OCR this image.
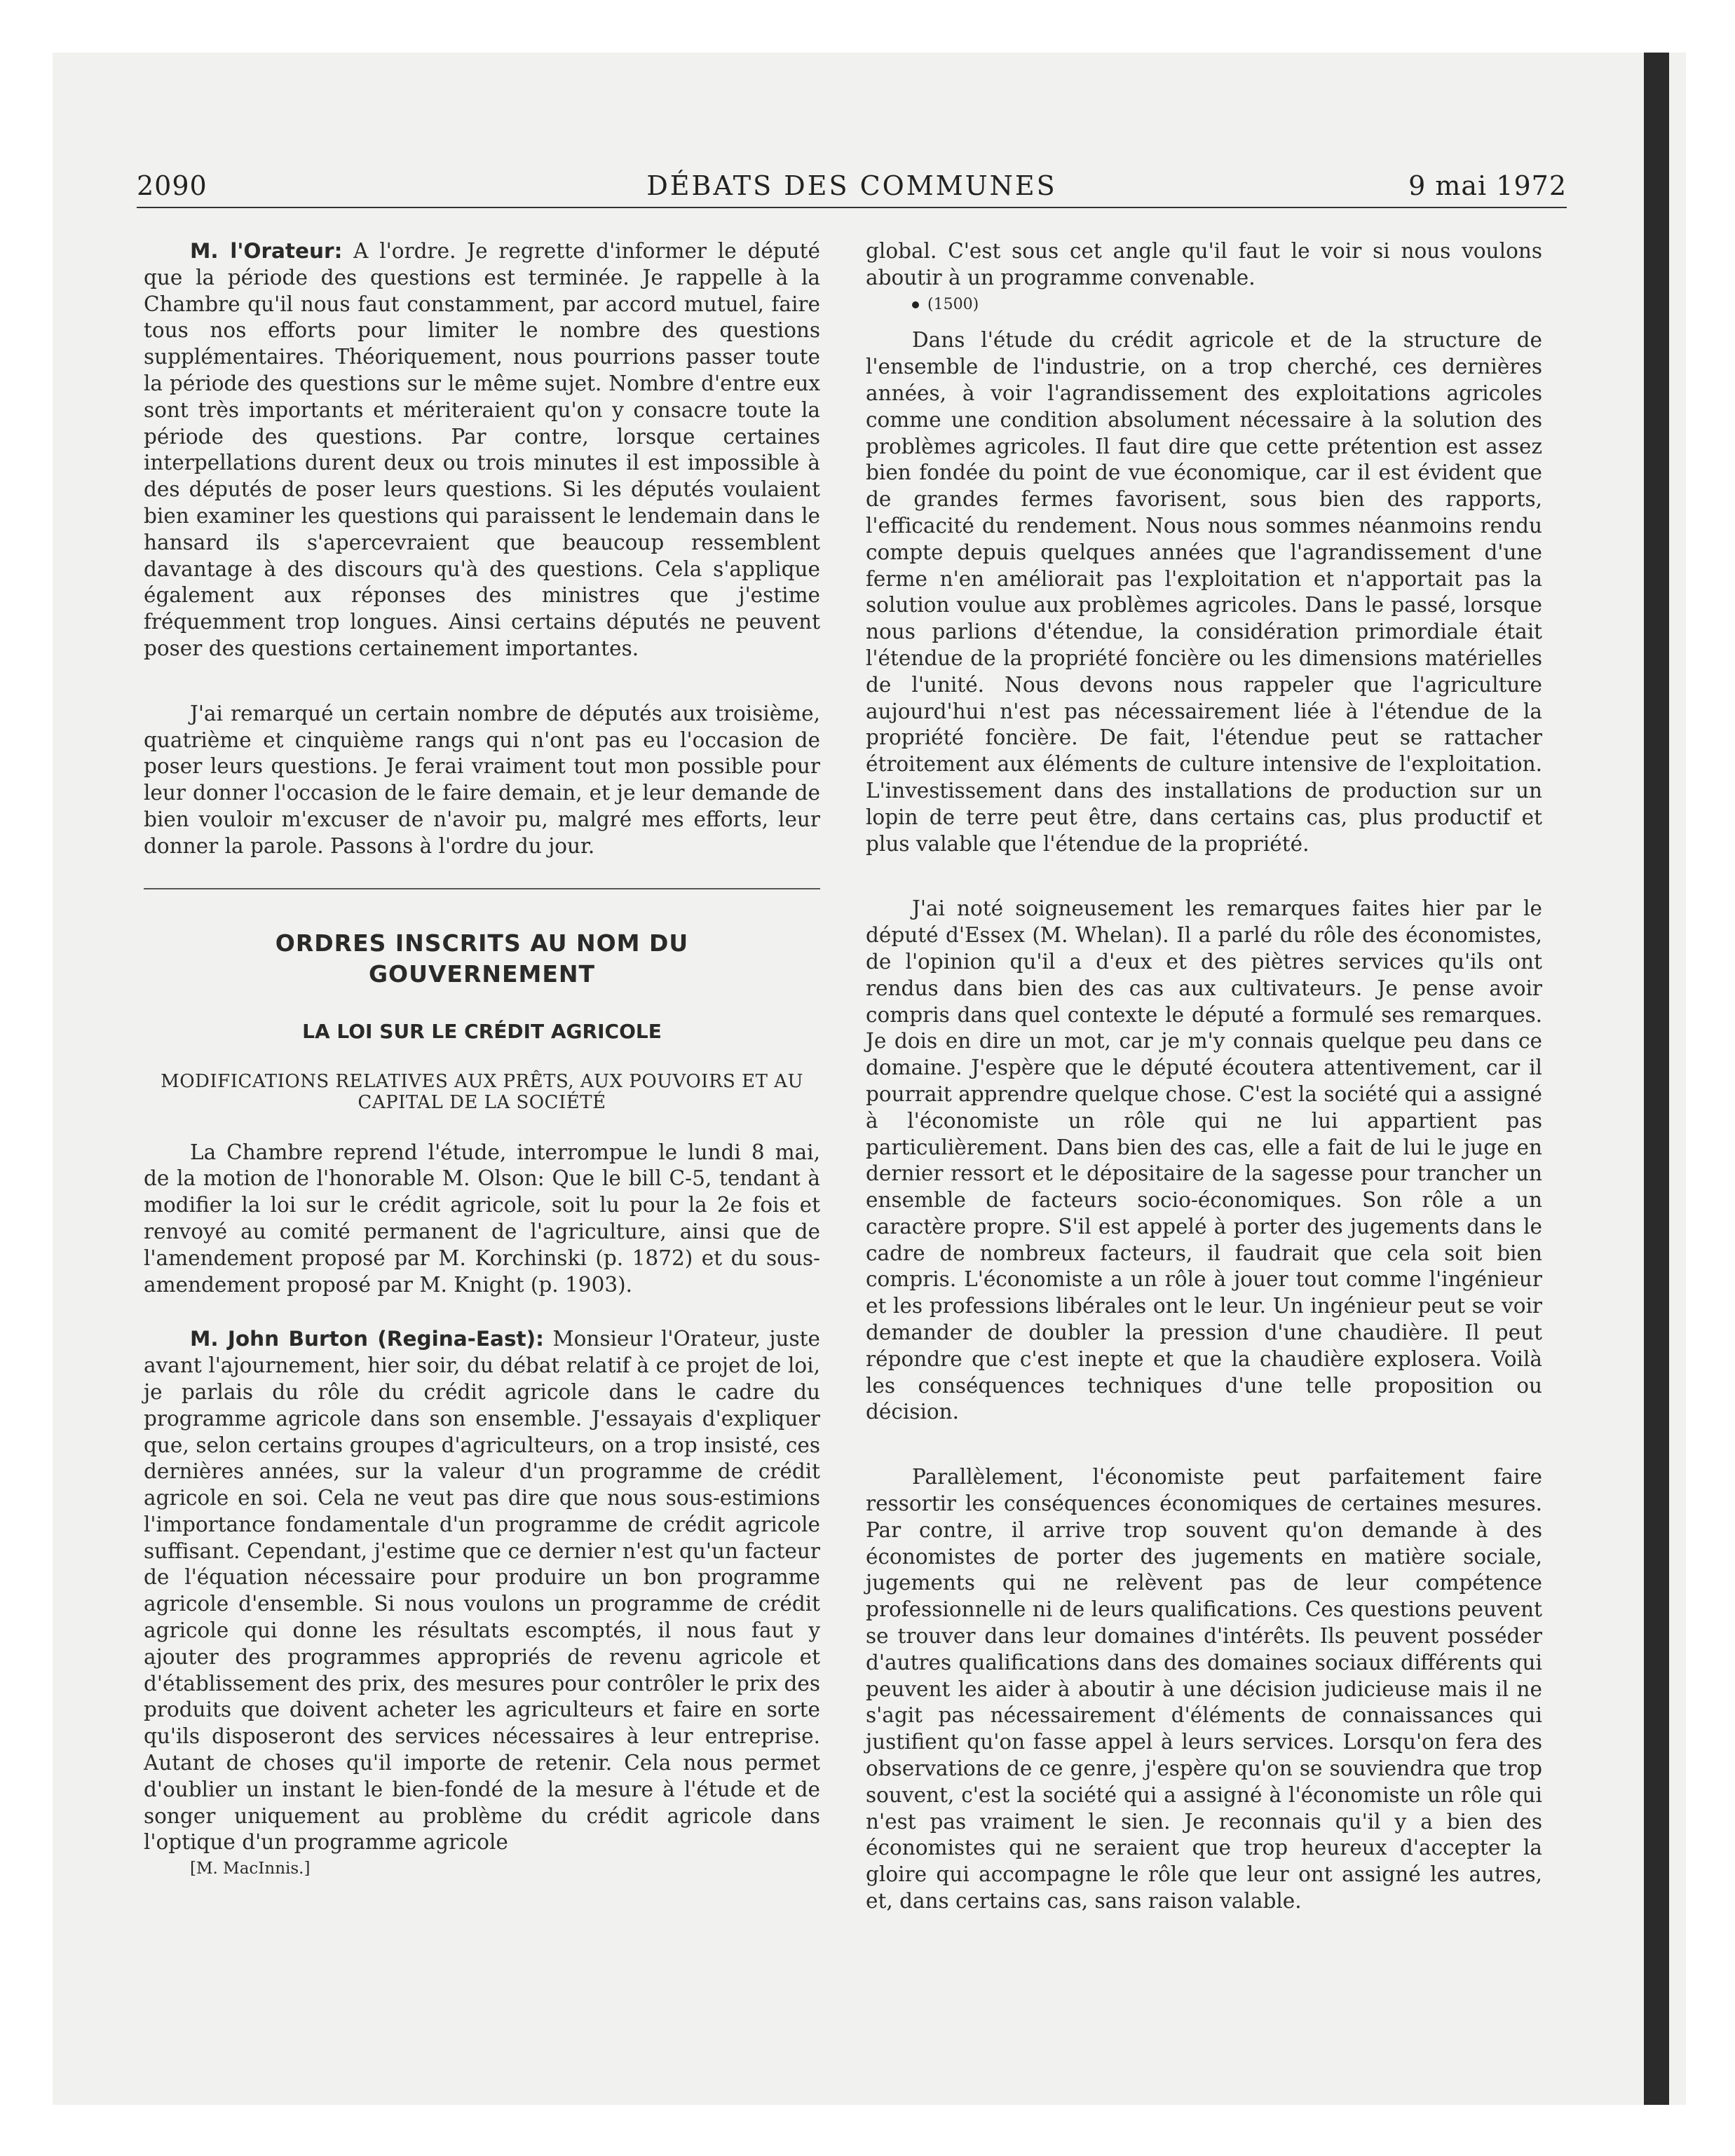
2090	DÉBATS DES COMMUNES	9 mai 1972

M. l'Orateur: A l'ordre. Je regrette d'informer le député que la période des questions est terminée. Je rappelle à la Chambre qu'il nous faut constamment, par accord mutuel, faire tous nos efforts pour limiter le nombre des questions supplémentaires. Théoriquement, nous pourrions passer toute la période des questions sur le même sujet. Nombre d'entre eux sont très importants et mériteraient qu'on y consacre toute la période des questions. Par contre, lorsque certaines interpellations durent deux ou trois minutes il est impossible à des députés de poser leurs questions. Si les députés voulaient bien examiner les questions qui paraissent le lendemain dans le hansard ils s'apercevraient que beaucoup ressemblent davantage à des discours qu'à des questions. Cela s'applique également aux réponses des ministres que j'estime fréquemment trop longues. Ainsi certains députés ne peuvent poser des questions certainement importantes.

J'ai remarqué un certain nombre de députés aux troisième, quatrième et cinquième rangs qui n'ont pas eu l'occasion de poser leurs questions. Je ferai vraiment tout mon possible pour leur donner l'occasion de le faire demain, et je leur demande de bien vouloir m'excuser de n'avoir pu, malgré mes efforts, leur donner la parole. Passons à l'ordre du jour.

ORDRES INSCRITS AU NOM DU GOUVERNEMENT
LA LOI SUR LE CRÉDIT AGRICOLE
MODIFICATIONS RELATIVES AUX PRÊTS, AUX POUVOIRS ET AU CAPITAL DE LA SOCIÉTÉ

La Chambre reprend l'étude, interrompue le lundi 8 mai, de la motion de l'honorable M. Olson: Que le bill C-5, tendant à modifier la loi sur le crédit agricole, soit lu pour la 2e fois et renvoyé au comité permanent de l'agriculture, ainsi que de l'amendement proposé par M. Korchinski (p. 1872) et du sous-amendement proposé par M. Knight (p. 1903).

M. John Burton (Regina-East): Monsieur l'Orateur, juste avant l'ajournement, hier soir, du débat relatif à ce projet de loi, je parlais du rôle du crédit agricole dans le cadre du programme agricole dans son ensemble. J'essayais d'expliquer que, selon certains groupes d'agriculteurs, on a trop insisté, ces dernières années, sur la valeur d'un programme de crédit agricole en soi. Cela ne veut pas dire que nous sous-estimions l'importance fondamentale d'un programme de crédit agricole suffisant. Cependant, j'estime que ce dernier n'est qu'un facteur de l'équation nécessaire pour produire un bon programme agricole d'ensemble. Si nous voulons un programme de crédit agricole qui donne les résultats escomptés, il nous faut y ajouter des programmes appropriés de revenu agricole et d'établissement des prix, des mesures pour contrôler le prix des produits que doivent acheter les agriculteurs et faire en sorte qu'ils disposeront des services nécessaires à leur entreprise. Autant de choses qu'il importe de retenir. Cela nous permet d'oublier un instant le bien-fondé de la mesure à l'étude et de songer uniquement au problème du crédit agricole dans l'optique d'un programme agricole

[M. MacInnis.]

global. C'est sous cet angle qu'il faut le voir si nous voulons aboutir à un programme convenable.

(1500)

Dans l'étude du crédit agricole et de la structure de l'ensemble de l'industrie, on a trop cherché, ces dernières années, à voir l'agrandissement des exploitations agricoles comme une condition absolument nécessaire à la solution des problèmes agricoles. Il faut dire que cette prétention est assez bien fondée du point de vue économique, car il est évident que de grandes fermes favorisent, sous bien des rapports, l'efficacité du rendement. Nous nous sommes néanmoins rendu compte depuis quelques années que l'agrandissement d'une ferme n'en améliorait pas l'exploitation et n'apportait pas la solution voulue aux problèmes agricoles. Dans le passé, lorsque nous parlions d'étendue, la considération primordiale était l'étendue de la propriété foncière ou les dimensions matérielles de l'unité. Nous devons nous rappeler que l'agriculture aujourd'hui n'est pas nécessairement liée à l'étendue de la propriété foncière. De fait, l'étendue peut se rattacher étroitement aux éléments de culture intensive de l'exploitation. L'investissement dans des installations de production sur un lopin de terre peut être, dans certains cas, plus productif et plus valable que l'étendue de la propriété.

J'ai noté soigneusement les remarques faites hier par le député d'Essex (M. Whelan). Il a parlé du rôle des économistes, de l'opinion qu'il a d'eux et des piètres services qu'ils ont rendus dans bien des cas aux cultivateurs. Je pense avoir compris dans quel contexte le député a formulé ses remarques. Je dois en dire un mot, car je m'y connais quelque peu dans ce domaine. J'espère que le député écoutera attentivement, car il pourrait apprendre quelque chose. C'est la société qui a assigné à l'économiste un rôle qui ne lui appartient pas particulièrement. Dans bien des cas, elle a fait de lui le juge en dernier ressort et le dépositaire de la sagesse pour trancher un ensemble de facteurs socio-économiques. Son rôle a un caractère propre. S'il est appelé à porter des jugements dans le cadre de nombreux facteurs, il faudrait que cela soit bien compris. L'économiste a un rôle à jouer tout comme l'ingénieur et les professions libérales ont le leur. Un ingénieur peut se voir demander de doubler la pression d'une chaudière. Il peut répondre que c'est inepte et que la chaudière explosera. Voilà les conséquences techniques d'une telle proposition ou décision.

Parallèlement, l'économiste peut parfaitement faire ressortir les conséquences économiques de certaines mesures. Par contre, il arrive trop souvent qu'on demande à des économistes de porter des jugements en matière sociale, jugements qui ne relèvent pas de leur compétence professionnelle ni de leurs qualifications. Ces questions peuvent se trouver dans leur domaines d'intérêts. Ils peuvent posséder d'autres qualifications dans des domaines sociaux différents qui peuvent les aider à aboutir à une décision judicieuse mais il ne s'agit pas nécessairement d'éléments de connaissances qui justifient qu'on fasse appel à leurs services. Lorsqu'on fera des observations de ce genre, j'espère qu'on se souviendra que trop souvent, c'est la société qui a assigné à l'économiste un rôle qui n'est pas vraiment le sien. Je reconnais qu'il y a bien des économistes qui ne seraient que trop heureux d'accepter la gloire qui accompagne le rôle que leur ont assigné les autres, et, dans certains cas, sans raison valable.
